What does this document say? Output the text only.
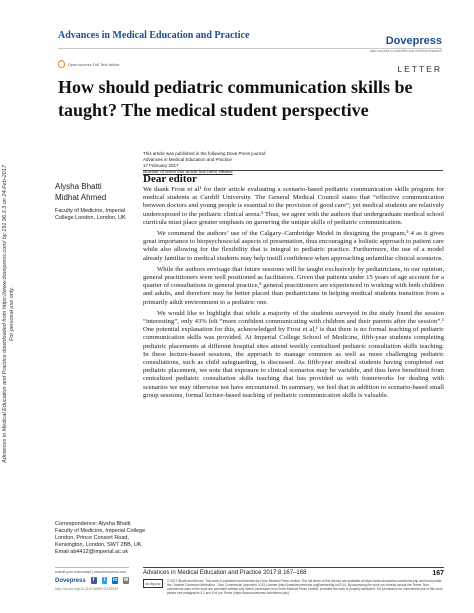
Advances in Medical Education and Practice	Dovepress
open access to scientific and medical research
Open Access Full Text Article	LETTER
How should pediatric communication skills be taught? The medical student perspective
Advances in Medical Education and Practice downloaded from https://www.dovepress.com/ by 191.96.3.3 on 24-Feb-2017 For personal use only.
This article was published in the following Dove Press journal:
Advances in Medical Education and Practice
17 February 2017
Number of times this article has been viewed
Alysha Bhatti
Midhat Ahmed
Faculty of Medicine, Imperial College London, London, UK
Dear editor

We thank Frost et al¹ for their article evaluating a scenario-based pediatric communication skills program for medical students at Cardiff University. The General Medical Council states that “effective communication between doctors and young people is essential to the provision of good care”; yet medical students are relatively underexposed to the pediatric clinical arena.² Thus, we agree with the authors that undergraduate medical school curricula must place greater emphasis on garnering the unique skills of pediatric communication.

We commend the authors’ use of the Calgary–Cambridge Model in designing the program,³˒4 as it gives great importance to biopsychosocial aspects of presentation, thus encouraging a holistic approach to patient care while also allowing for the flexibility that is integral to pediatric practice. Furthermore, the use of a model already familiar to medical students may help instill confidence when approaching unfamiliar clinical scenarios.

While the authors envisage that future sessions will be taught exclusively by pediatricians, in our opinion, general practitioners were well positioned as facilitators. Given that patients under 15 years of age account for a quarter of consultations in general practice,⁵ general practitioners are experienced in working with both children and adults, and therefore may be better placed than pediatricians in helping medical students transition from a primarily adult environment to a pediatric one.

We would like to highlight that while a majority of the students surveyed in the study found the session “interesting”, only 43% felt “more confident communicating with children and their parents after the session”.¹ One potential explanation for this, acknowledged by Frost et al,¹ is that there is no formal teaching of pediatric communication skills was provided. At Imperial College School of Medicine, fifth-year students completing pediatric placements at different hospital sites attend weekly centralized pediatric consultation skills teaching. In these lecture-based sessions, the approach to manage common as well as more challenging pediatric consultations, such as child safeguarding, is discussed. As fifth-year medical students having completed our pediatric placement, we note that exposure to clinical scenarios may be variable, and thus have benefitted from centralized pediatric consultation skills teaching that has provided us with frameworks for dealing with scenarios we may otherwise not have encountered. In summary, we feel that in addition to scenario-based small group sessions, formal lecture-based teaching of pediatric communication skills is valuable.

Correspondence: Alysha Bhatti
Faculty of Medicine, Imperial College
London, Prince Consort Road,
Kensington, London, SW7 2BB, UK
Email ab4412@imperial.ac.uk
submit your manuscript | www.dovepress.com
Dovepress	f	t	in ✉
http://dx.doi.org/10.2147/AMEP.S129513
Advances in Medical Education and Practice 2017:8 167–168	167
cc by-nc	© 2017 Bhatti and Ahmed. This work is published and licensed by Dove Medical Press Limited. The full terms of this license are available at https://www.dovepress.com/terms.php and incorporate the Creative Commons Attribution – Non Commercial (unported, v3.0) License (http://creativecommons.org/licenses/by-nc/3.0/). By accessing the work you hereby accept the Terms. Non-commercial uses of the work are permitted without any further permission from Dove Medical Press Limited, provided the work is properly attributed. For permission for commercial use of this work, please see paragraphs 4.2 and 5 of our Terms (https://www.dovepress.com/terms.php).
